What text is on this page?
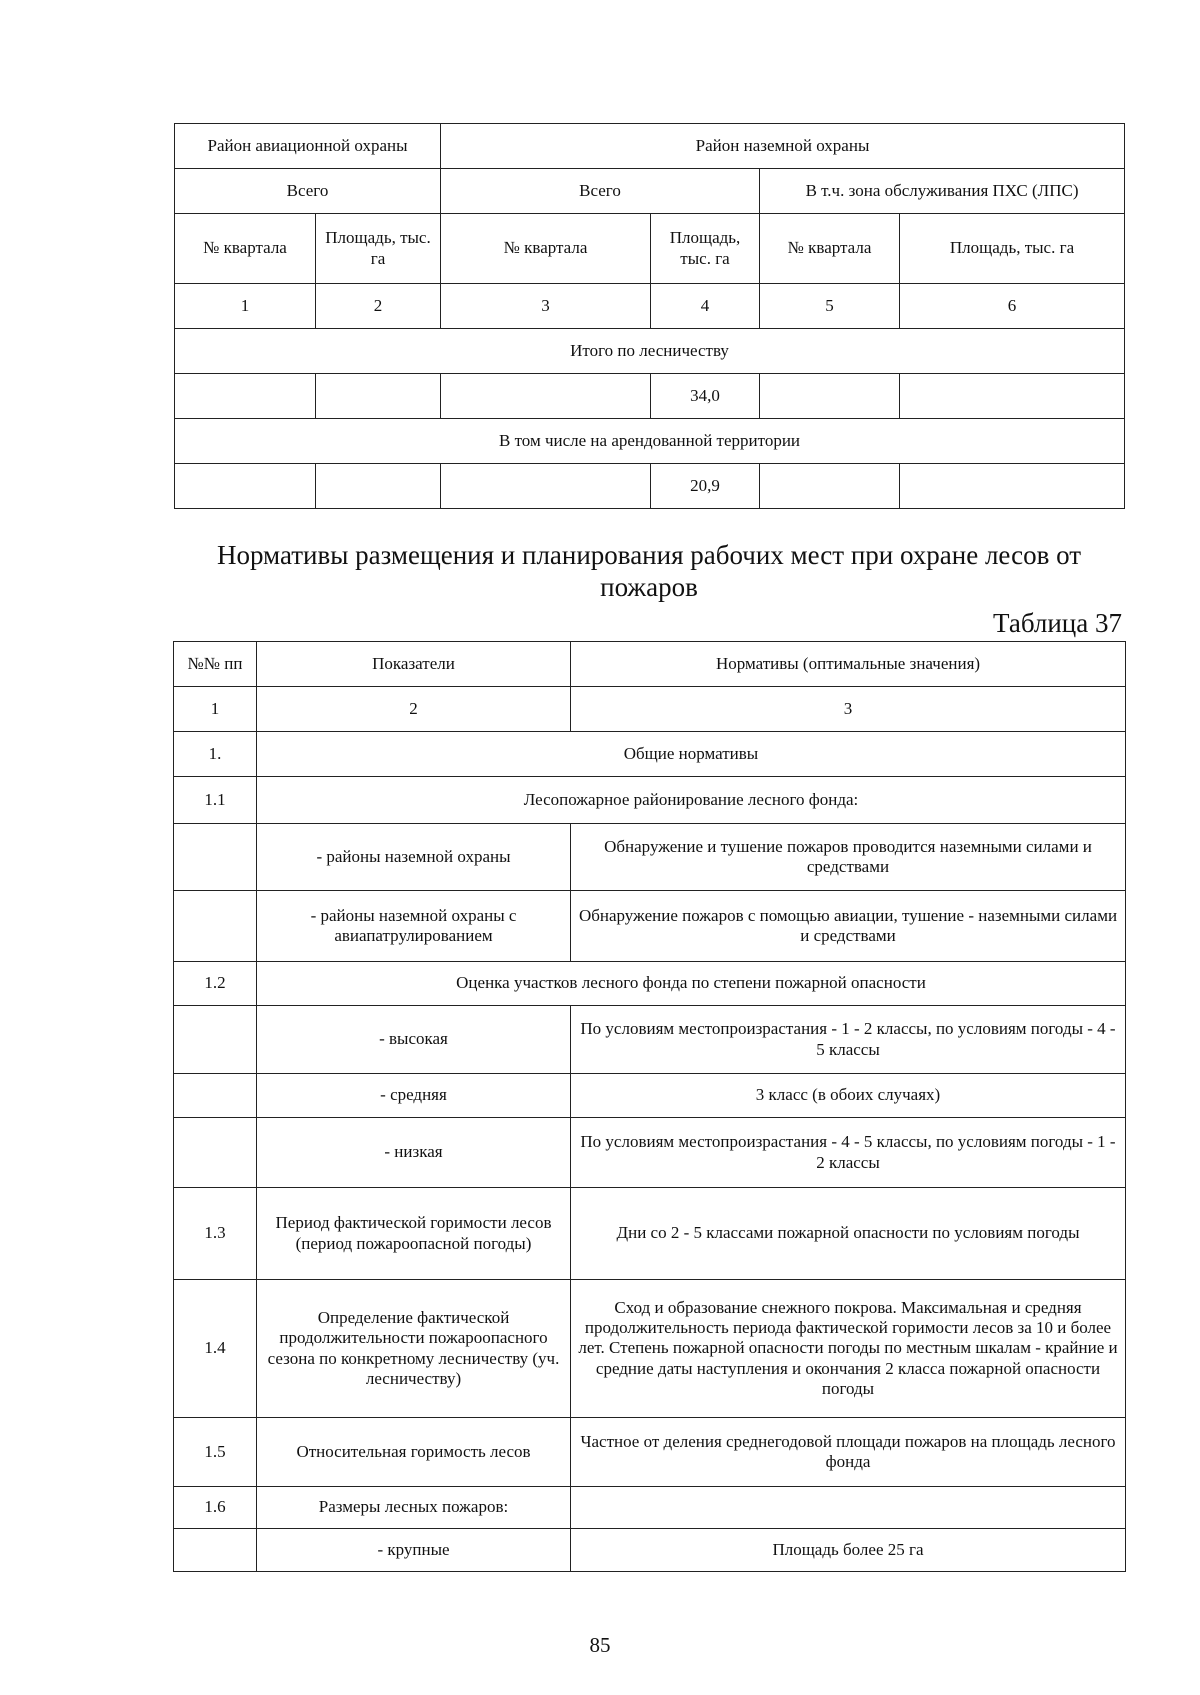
Район авиационной охраны		Район наземной охраны			
Всего		Всего		В т.ч. зона обслуживания ПХС (ЛПС)	
№ квартала	Площадь, тыс. га	№ квартала	Площадь, тыс. га	№ квартала	Площадь, тыс. га
1	2	3	4	5	6
Итого по лесничеству					
			34,0		
В том числе на арендованной территории					
			20,9		
Нормативы размещения и планирования рабочих мест при охране лесов от
пожаров
Таблица 37
№№ пп	Показатели	Нормативы (оптимальные значения)
1	2	3
1.	Общие нормативы	
1.1	Лесопожарное районирование лесного фонда:	
	- районы наземной охраны	Обнаружение и тушение пожаров проводится наземными силами и средствами
	- районы наземной охраны с авиапатрулированием	Обнаружение пожаров с помощью авиации, тушение - наземными силами и средствами
1.2	Оценка участков лесного фонда по степени пожарной опасности	
	- высокая	По условиям местопроизрастания - 1 - 2 классы, по условиям погоды - 4 - 5 классы
	- средняя	3 класс (в обоих случаях)
	- низкая	По условиям местопроизрастания - 4 - 5 классы, по условиям погоды - 1 - 2 классы
1.3	Период фактической горимости лесов (период пожароопасной погоды)	Дни со 2 - 5 классами пожарной опасности по условиям погоды
1.4	Определение фактической продолжительности пожароопасного сезона по конкретному лесничеству (уч. лесничеству)	Сход и образование снежного покрова. Максимальная и средняя продолжительность периода фактической горимости лесов за 10 и более лет. Степень пожарной опасности погоды по местным шкалам - крайние и средние даты наступления и окончания 2 класса пожарной опасности погоды
1.5	Относительная горимость лесов	Частное от деления среднегодовой площади пожаров на площадь лесного фонда
1.6	Размеры лесных пожаров:	
	- крупные	Площадь более 25 га
85
